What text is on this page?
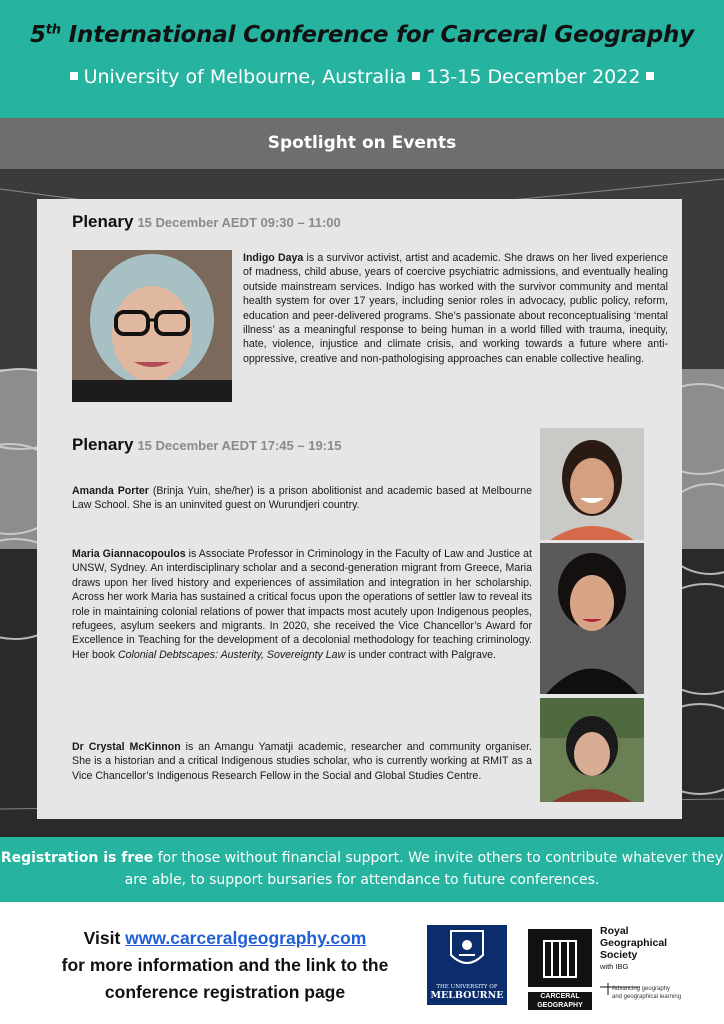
5th International Conference for Carceral Geography
University of Melbourne, Australia 13-15 December 2022
Spotlight on Events
Plenary 15 December AEDT 09:30 – 11:00
Indigo Daya is a survivor activist, artist and academic. She draws on her lived experience of madness, child abuse, years of coercive psychiatric admissions, and eventually healing outside mainstream services. Indigo has worked with the survivor community and mental health system for over 17 years, including senior roles in advocacy, public policy, reform, education and peer-delivered programs. She’s passionate about reconceptualising ‘mental illness’ as a meaningful response to being human in a world filled with trauma, inequity, hate, violence, injustice and climate crisis, and working towards a future where anti-oppressive, creative and non-pathologising approaches can enable collective healing.
Plenary 15 December AEDT 17:45 – 19:15
Amanda Porter (Brinja Yuin, she/her) is a prison abolitionist and academic based at Melbourne Law School. She is an uninvited guest on Wurundjeri country.
Maria Giannacopoulos is Associate Professor in Criminology in the Faculty of Law and Justice at UNSW, Sydney. An interdisciplinary scholar and a second-generation migrant from Greece, Maria draws upon her lived history and experiences of assimilation and integration in her scholarship. Across her work Maria has sustained a critical focus upon the operations of settler law to reveal its role in maintaining colonial relations of power that impacts most acutely upon Indigenous peoples, refugees, asylum seekers and migrants. In 2020, she received the Vice Chancellor’s Award for Excellence in Teaching for the development of a decolonial methodology for teaching criminology. Her book Colonial Debtscapes: Austerity, Sovereignty Law is under contract with Palgrave.
Dr Crystal McKinnon is an Amangu Yamatji academic, researcher and community organiser. She is a historian and a critical Indigenous studies scholar, who is currently working at RMIT as a Vice Chancellor’s Indigenous Research Fellow in the Social and Global Studies Centre.
Registration is free for those without financial support. We invite others to contribute whatever they are able, to support bursaries for attendance to future conferences.
Visit www.carceralgeography.com
for more information and the link to the
conference registration page	THE UNIVERSITY OF
MELBOURNE	CARCERAL
GEOGRAPHY
Royal
Geographical
Society
with IBG
Advancing geography
and geographical learning
